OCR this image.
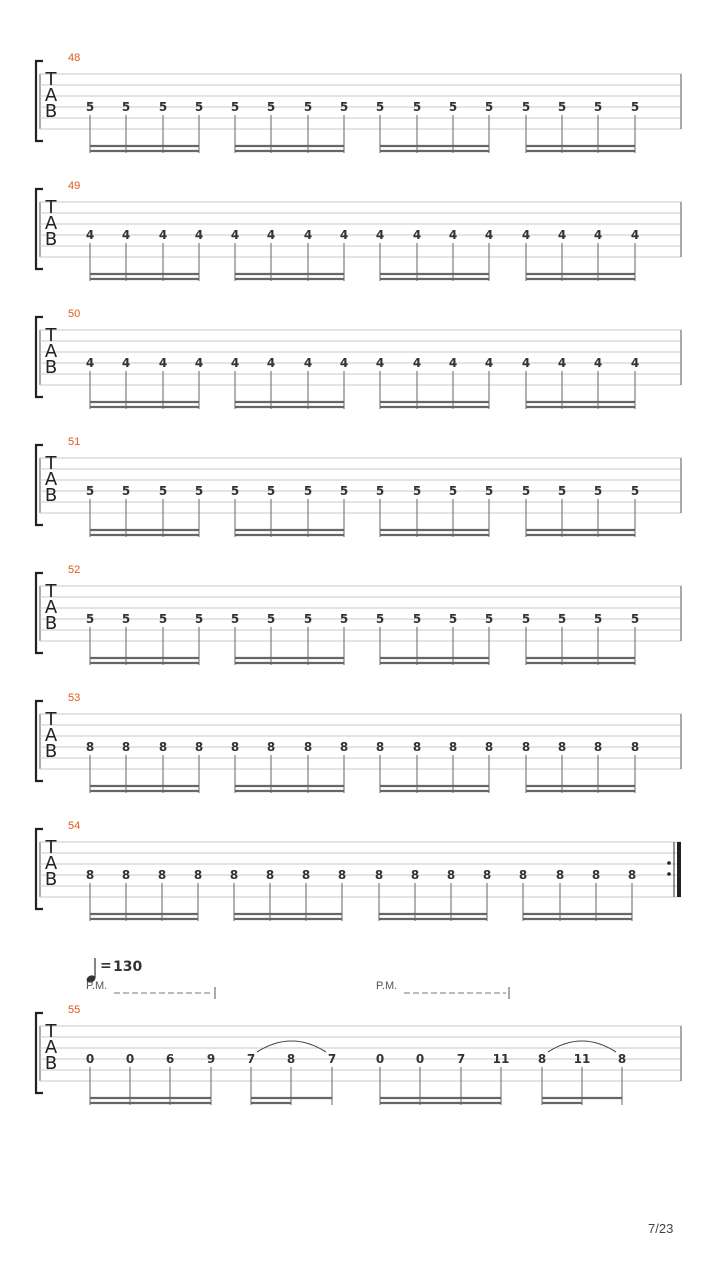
48
T
A
B 5 5 5 5 5 5 5 5 5 5 5 5 5 5 5 5
49
T
A
B 4 4 4 4 4 4 4 4 4 4 4 4 4 4 4 4
50
T
A
B 4 4 4 4 4 4 4 4 4 4 4 4 4 4 4 4
51
T
A
B 5 5 5 5 5 5 5 5 5 5 5 5 5 5 5 5
52
T
A
B 5 5 5 5 5 5 5 5 5 5 5 5 5 5 5 5
53
T
A
B 8 8 8 8 8 8 8 8 8 8 8 8 8 8 8 8
54
T
A
B 8 8 8 8 8 8 8 8 8 8 8 8 8 8 8 8
55
T
A
B 0	0	6	9	7	8	7	0	0	7 11 8 11 8
= 130
P.M.	P.M.
7/23
